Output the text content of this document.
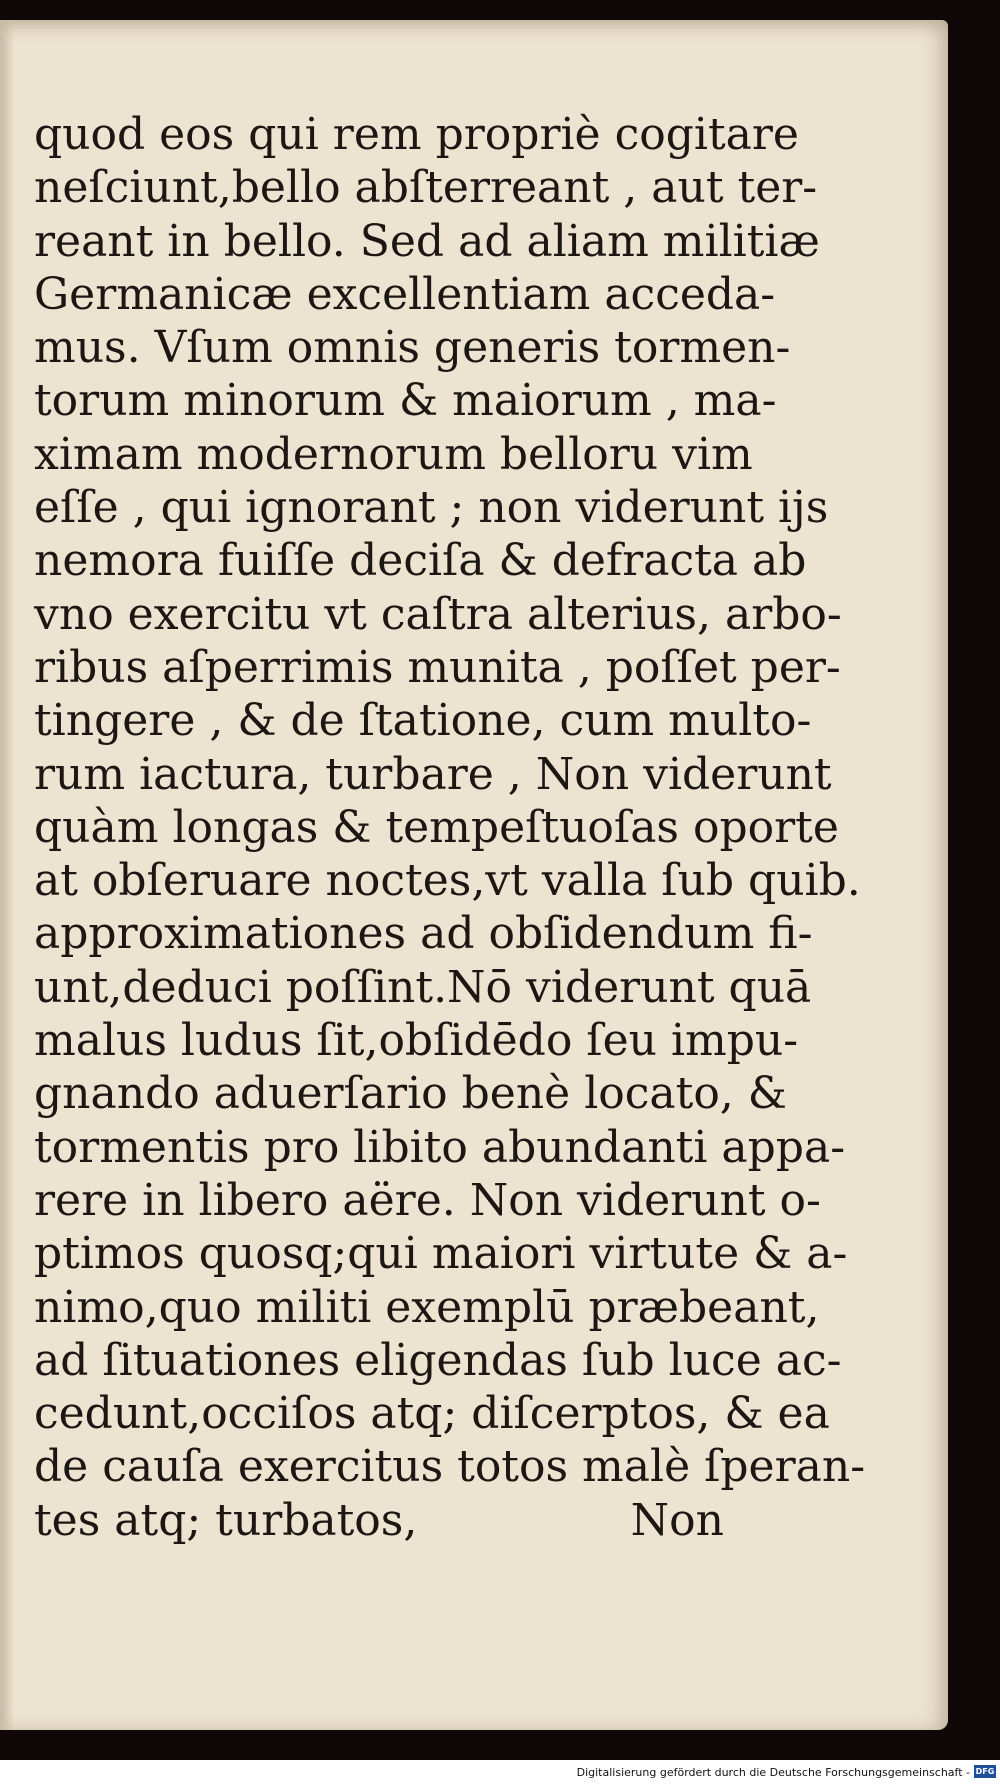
quod eos qui rem propriè cogitare
neſciunt,bello abſterreant , aut ter-
reant in bello. Sed ad aliam militiæ
Germanicæ excellentiam acceda-
mus. Vſum omnis generis tormen-
torum minorum & maiorum , ma-
ximam modernorum belloru vim
eſſe , qui ignorant ; non viderunt ijs
nemora fuiſſe deciſa & defracta ab
vno exercitu vt caſtra alterius, arbo-
ribus aſperrimis munita , poſſet per-
tingere , & de ſtatione, cum multo-
rum iactura, turbare , Non viderunt
quàm longas & tempeſtuoſas oporte
at obſeruare noctes,vt valla ſub quib.
approximationes ad obſidendum fi-
unt,deduci poſſint.Nō viderunt quā
malus ludus ſit,obſidēdo ſeu impu-
gnando aduerſario benè locato, &
tormentis pro libito abundanti appa-
rere in libero aëre. Non viderunt o-
ptimos quosq;qui maiori virtute & a-
nimo,quo militi exemplū præbeant,
ad ſituationes eligendas ſub luce ac-
cedunt,occiſos atq; diſcerptos, & ea
de cauſa exercitus totos malè ſperan-
tes atq; turbatos,	Non
Digitalisierung gefördert durch die Deutsche Forschungsgemeinschaft - DFG
